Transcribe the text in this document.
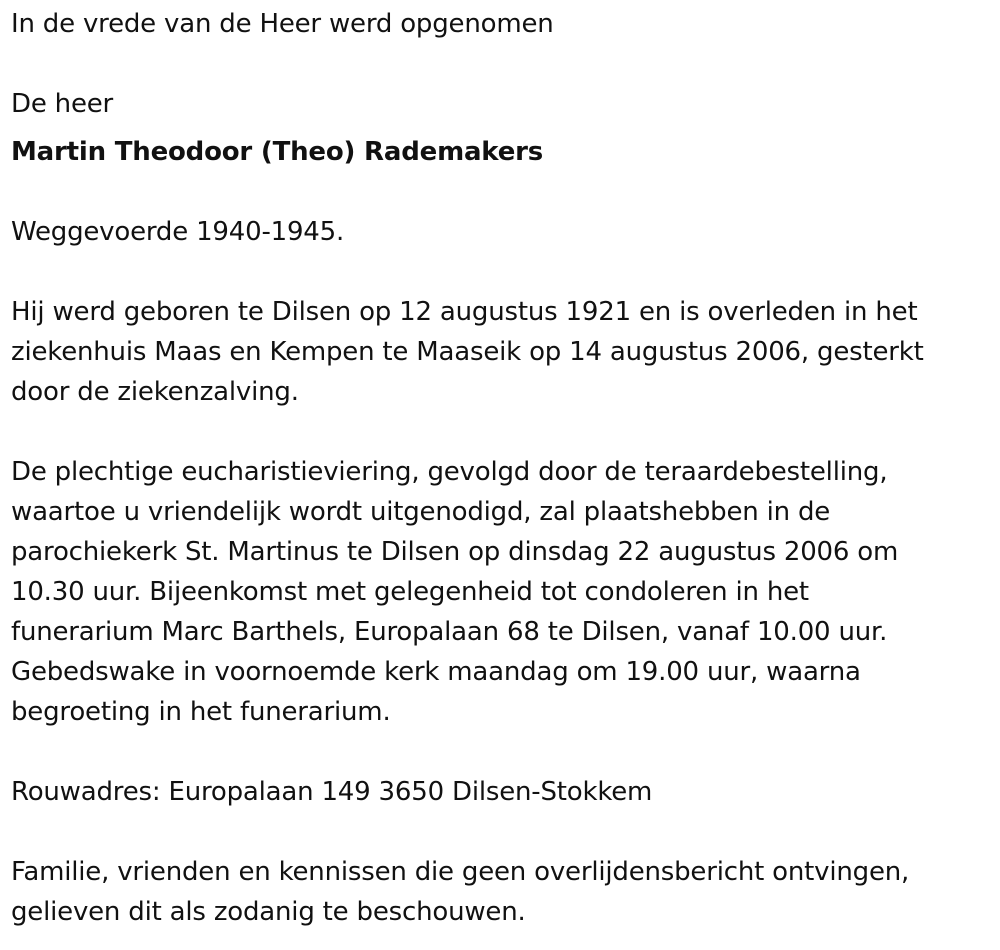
In de vrede van de Heer werd opgenomen

De heer

Martin Theodoor (Theo) Rademakers

Weggevoerde 1940-1945.

Hij werd geboren te Dilsen op 12 augustus 1921 en is overleden in het

ziekenhuis Maas en Kempen te Maaseik op 14 augustus 2006, gesterkt

door de ziekenzalving.

De plechtige eucharistieviering, gevolgd door de teraardebestelling,

waartoe u vriendelijk wordt uitgenodigd, zal plaatshebben in de

parochiekerk St. Martinus te Dilsen op dinsdag 22 augustus 2006 om

10.30 uur. Bijeenkomst met gelegenheid tot condoleren in het

funerarium Marc Barthels, Europalaan 68 te Dilsen, vanaf 10.00 uur.

Gebedswake in voornoemde kerk maandag om 19.00 uur, waarna

begroeting in het funerarium.

Rouwadres: Europalaan 149 3650 Dilsen-Stokkem

Familie, vrienden en kennissen die geen overlijdensbericht ontvingen,

gelieven dit als zodanig te beschouwen.
